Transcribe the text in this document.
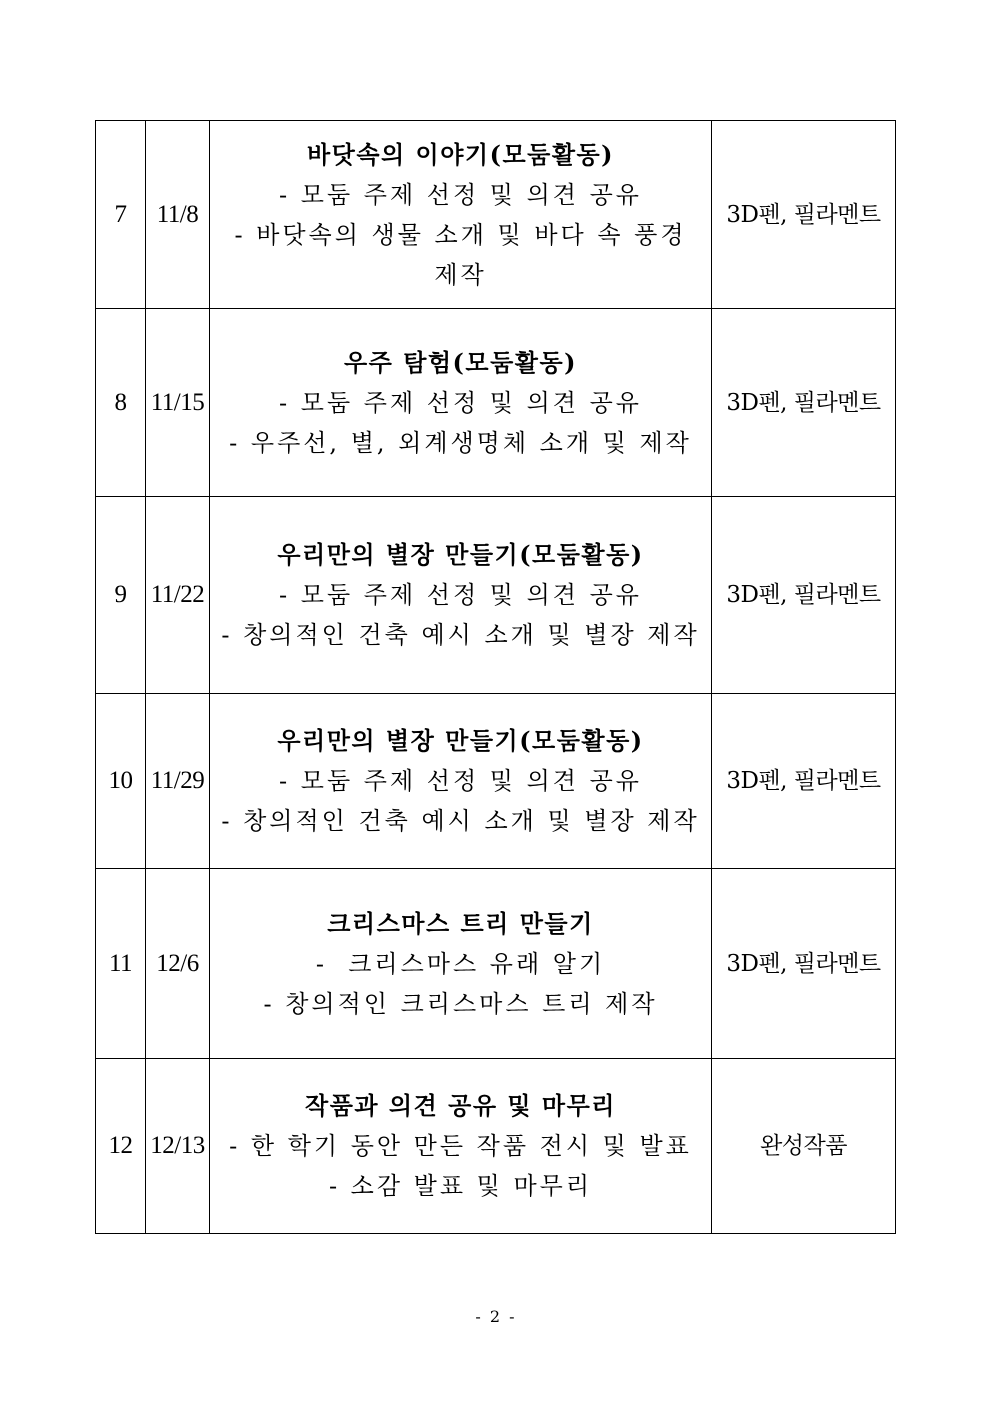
7	11/8	바닷속의 이야기(모둠활동)
- 모둠 주제 선정 및 의견 공유
- 바닷속의 생물 소개 및 바다 속 풍경
제작	3D펜, 필라멘트
8	11/15	우주 탐험(모둠활동)
- 모둠 주제 선정 및 의견 공유
- 우주선, 별, 외계생명체 소개 및 제작	3D펜, 필라멘트
9	11/22	우리만의 별장 만들기(모둠활동)
- 모둠 주제 선정 및 의견 공유
- 창의적인 건축 예시 소개 및 별장 제작	3D펜, 필라멘트
10	11/29	우리만의 별장 만들기(모둠활동)
- 모둠 주제 선정 및 의견 공유
- 창의적인 건축 예시 소개 및 별장 제작	3D펜, 필라멘트
11	12/6	크리스마스 트리 만들기
-  크리스마스 유래 알기
- 창의적인 크리스마스 트리 제작	3D펜, 필라멘트
12	12/13	작품과 의견 공유 및 마무리
- 한 학기 동안 만든 작품 전시 및 발표
- 소감 발표 및 마무리	완성작품
- 2 -
